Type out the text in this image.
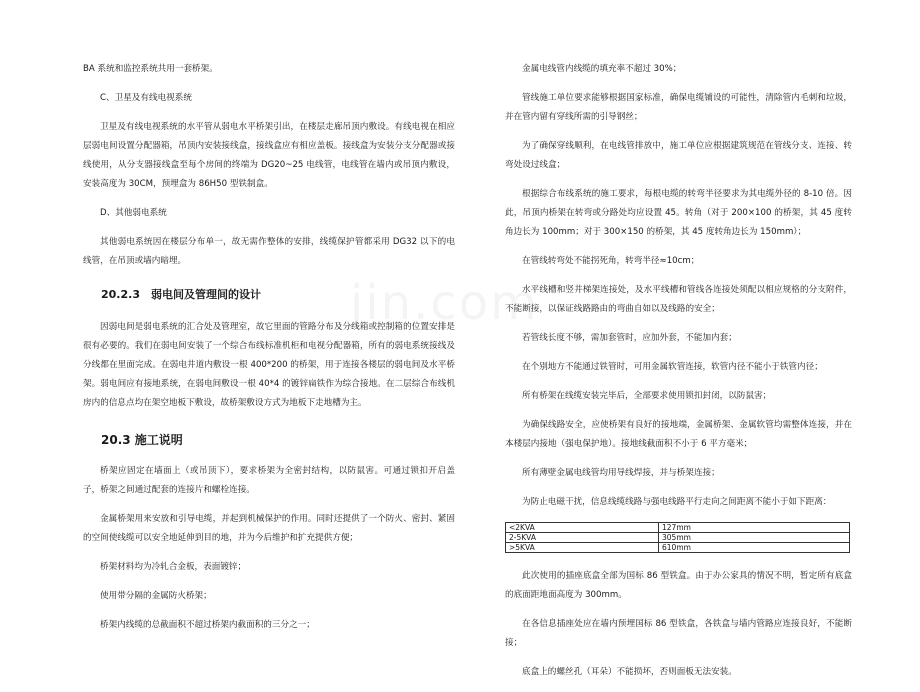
BA 系统和监控系统共用一套桥架。
C、卫星及有线电视系统
卫星及有线电视系统的水平管从弱电水平桥架引出，在楼层走廊吊顶内敷设。有线电视在相应层弱电间设置分配器箱，吊顶内安装接线盒，接线盒应有相应盖板。接线盒为安装分支分配器或接线使用，从分支器接线盒至每个房间的终端为 DG20~25 电线管，电线管在墙内或吊顶内敷设，安装高度为 30CM，预埋盒为 86H50 型铁制盒。
D、其他弱电系统
其他弱电系统因在楼层分布单一，故无需作整体的安排，线缆保护管都采用 DG32 以下的电线管，在吊顶或墙内暗埋。
20.2.3　弱电间及管理间的设计
因弱电间是弱电系统的汇合处及管理室，故它里面的管路分布及分线箱或控制箱的位置安排是很有必要的。我们在弱电间安装了一个综合布线标准机柜和电视分配器箱，所有的弱电系统接线及分线都在里面完成。在弱电井道内敷设一根 400*200 的桥架，用于连接各楼层的弱电间及水平桥架。弱电间应有接地系统，在弱电间敷设一根 40*4 的镀锌扁铁作为综合接地。在二层综合布线机房内的信息点均在架空地板下敷设，故桥架敷设方式为地板下走地槽为主。
20.3 施工说明
桥架应固定在墙面上（或吊顶下），要求桥架为全密封结构，以防鼠害。可通过锁扣开启盖子，桥架之间通过配套的连接片和螺栓连接。
金属桥架用来安放和引导电缆，并起到机械保护的作用。同时还提供了一个防火、密封、紧固的空间使线缆可以安全地延伸到目的地，并为今后维护和扩充提供方便；
桥架材料均为冷轧合金板，表面镀锌；
使用带分隔的金属防火桥架；
桥架内线缆的总截面积不超过桥架内截面积的三分之一；
金属电线管内线缆的填充率不超过 30%；
管线施工单位要求能够根据国家标准，确保电缆铺设的可能性，清除管内毛刺和垃圾，并在管内留有穿线所需的引导钢丝；
为了确保穿线顺利，在电线管排放中，施工单位应根据建筑规范在管线分支、连接、转弯处设过线盒；
根据综合布线系统的施工要求，每根电缆的转弯半径要求为其电缆外径的 8-10 倍。因此，吊顶内桥架在转弯或分路处均应设置 45。转角（对于 200×100 的桥架，其 45 度转角边长为 100mm；对于 300×150 的桥架，其 45 度转角边长为 150mm）；
在管线转弯处不能拐死角，转弯半径≈10cm；
水平线槽和竖井梯架连接处，及水平线槽和管线各连接处须配以相应规格的分支附件，不能断接，以保证线路路由的弯曲自如以及线路的安全；
若管线长度不够，需加套管时，应加外套，不能加内套；
在个别地方不能通过铁管时，可用金属软管连接，软管内径不能小于铁管内径；
所有桥架在线缆安装完毕后，全部要求使用锁扣封闭，以防鼠害；
为确保线路安全，应使桥架有良好的接地端，金属桥架、金属软管均需整体连接，并在本楼层内接地（强电保护地）。接地线截面积不小于 6 平方毫米；
所有薄壁金属电线管均用导线焊接，并与桥架连接；
为防止电磁干扰，信息线缆线路与强电线路平行走向之间距离不能小于如下距离：
<2KVA	127mm
2-5KVA	305mm
>5KVA	610mm
此次使用的插座底盒全部为国标 86 型铁盒。由于办公家具的情况不明，暂定所有底盒的底面距地面高度为 300mm。
在各信息插座处应在墙内预埋国标 86 型铁盒，各铁盒与墙内管路应连接良好，不能断接；
底盒上的螺丝孔（耳朵）不能损坏，否则面板无法安装。
